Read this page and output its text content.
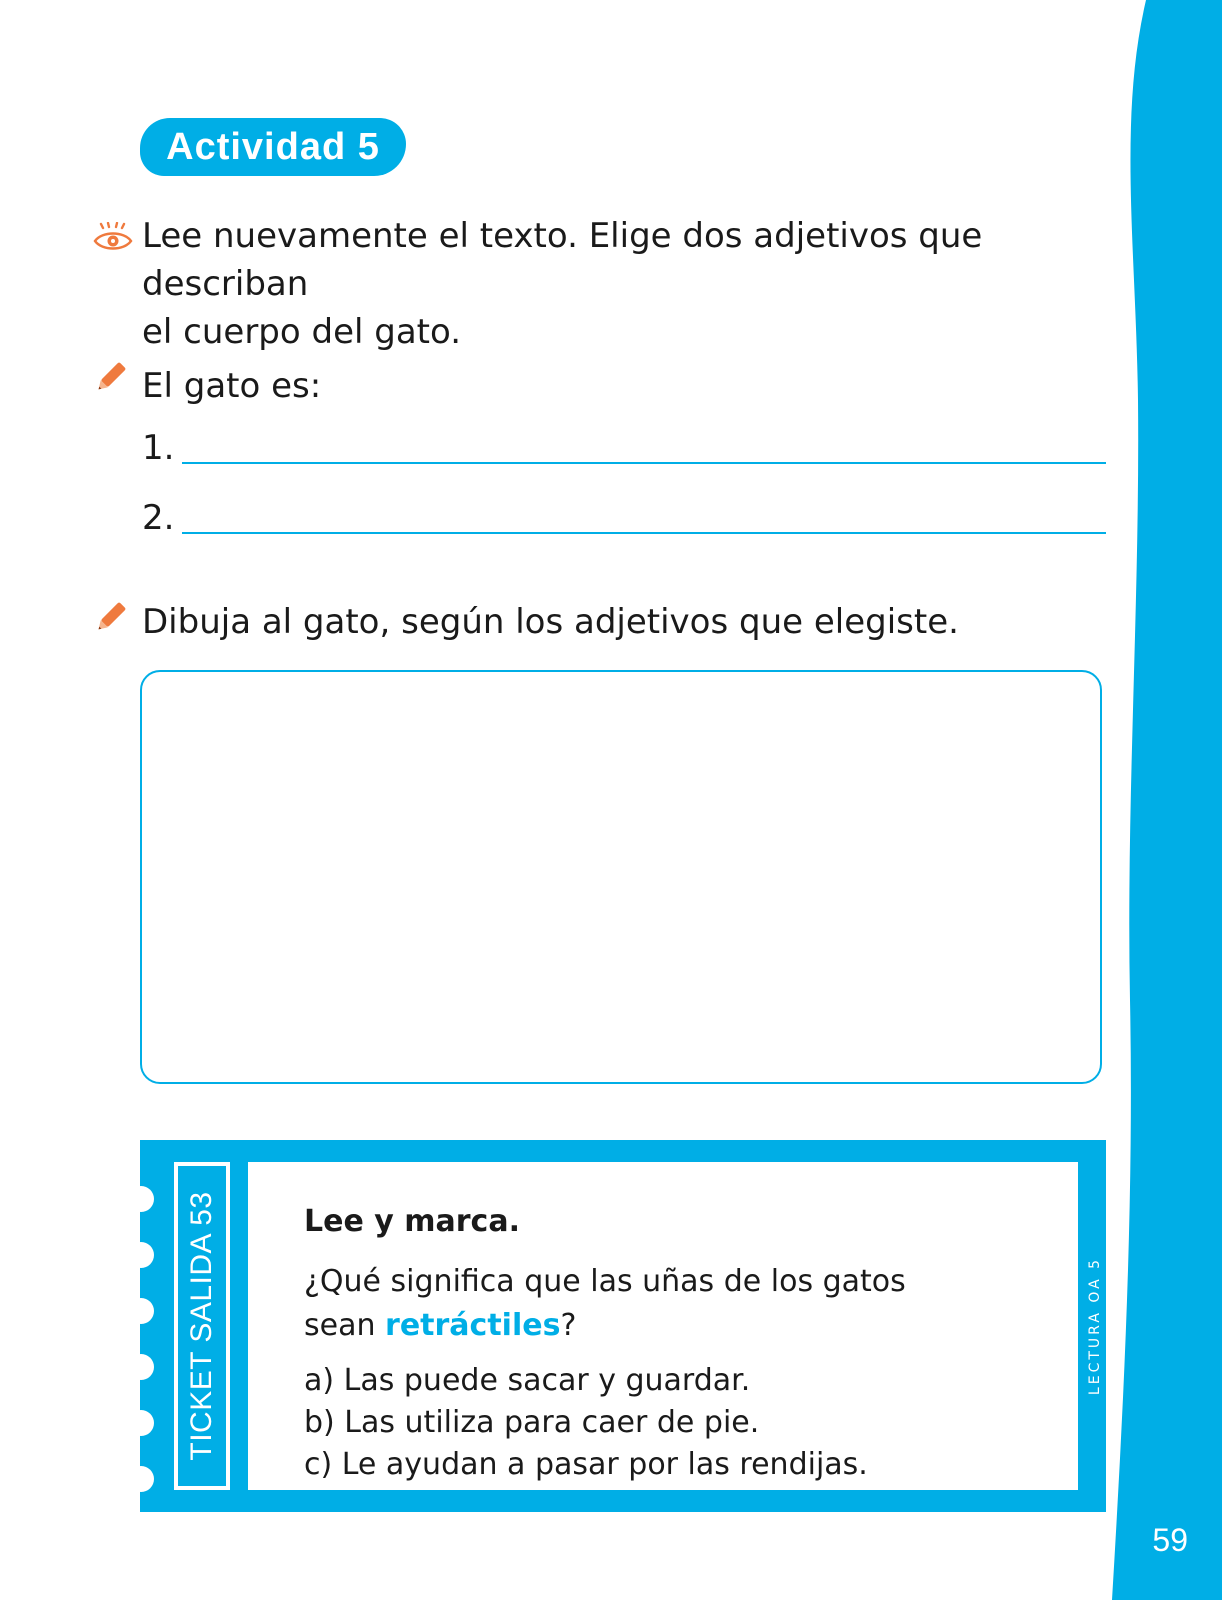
59
Actividad 5
Lee nuevamente el texto. Elige dos adjetivos que describan
el cuerpo del gato.
El gato es:
1.
2.
Dibuja al gato, según los adjetivos que elegiste.
TICKET SALIDA 53	Lee y marca.
¿Qué significa que las uñas de los gatos sean retráctiles?
a) Las puede sacar y guardar.
b) Las utiliza para caer de pie.
c) Le ayudan a pasar por las rendijas.
LECTURA OA 5
